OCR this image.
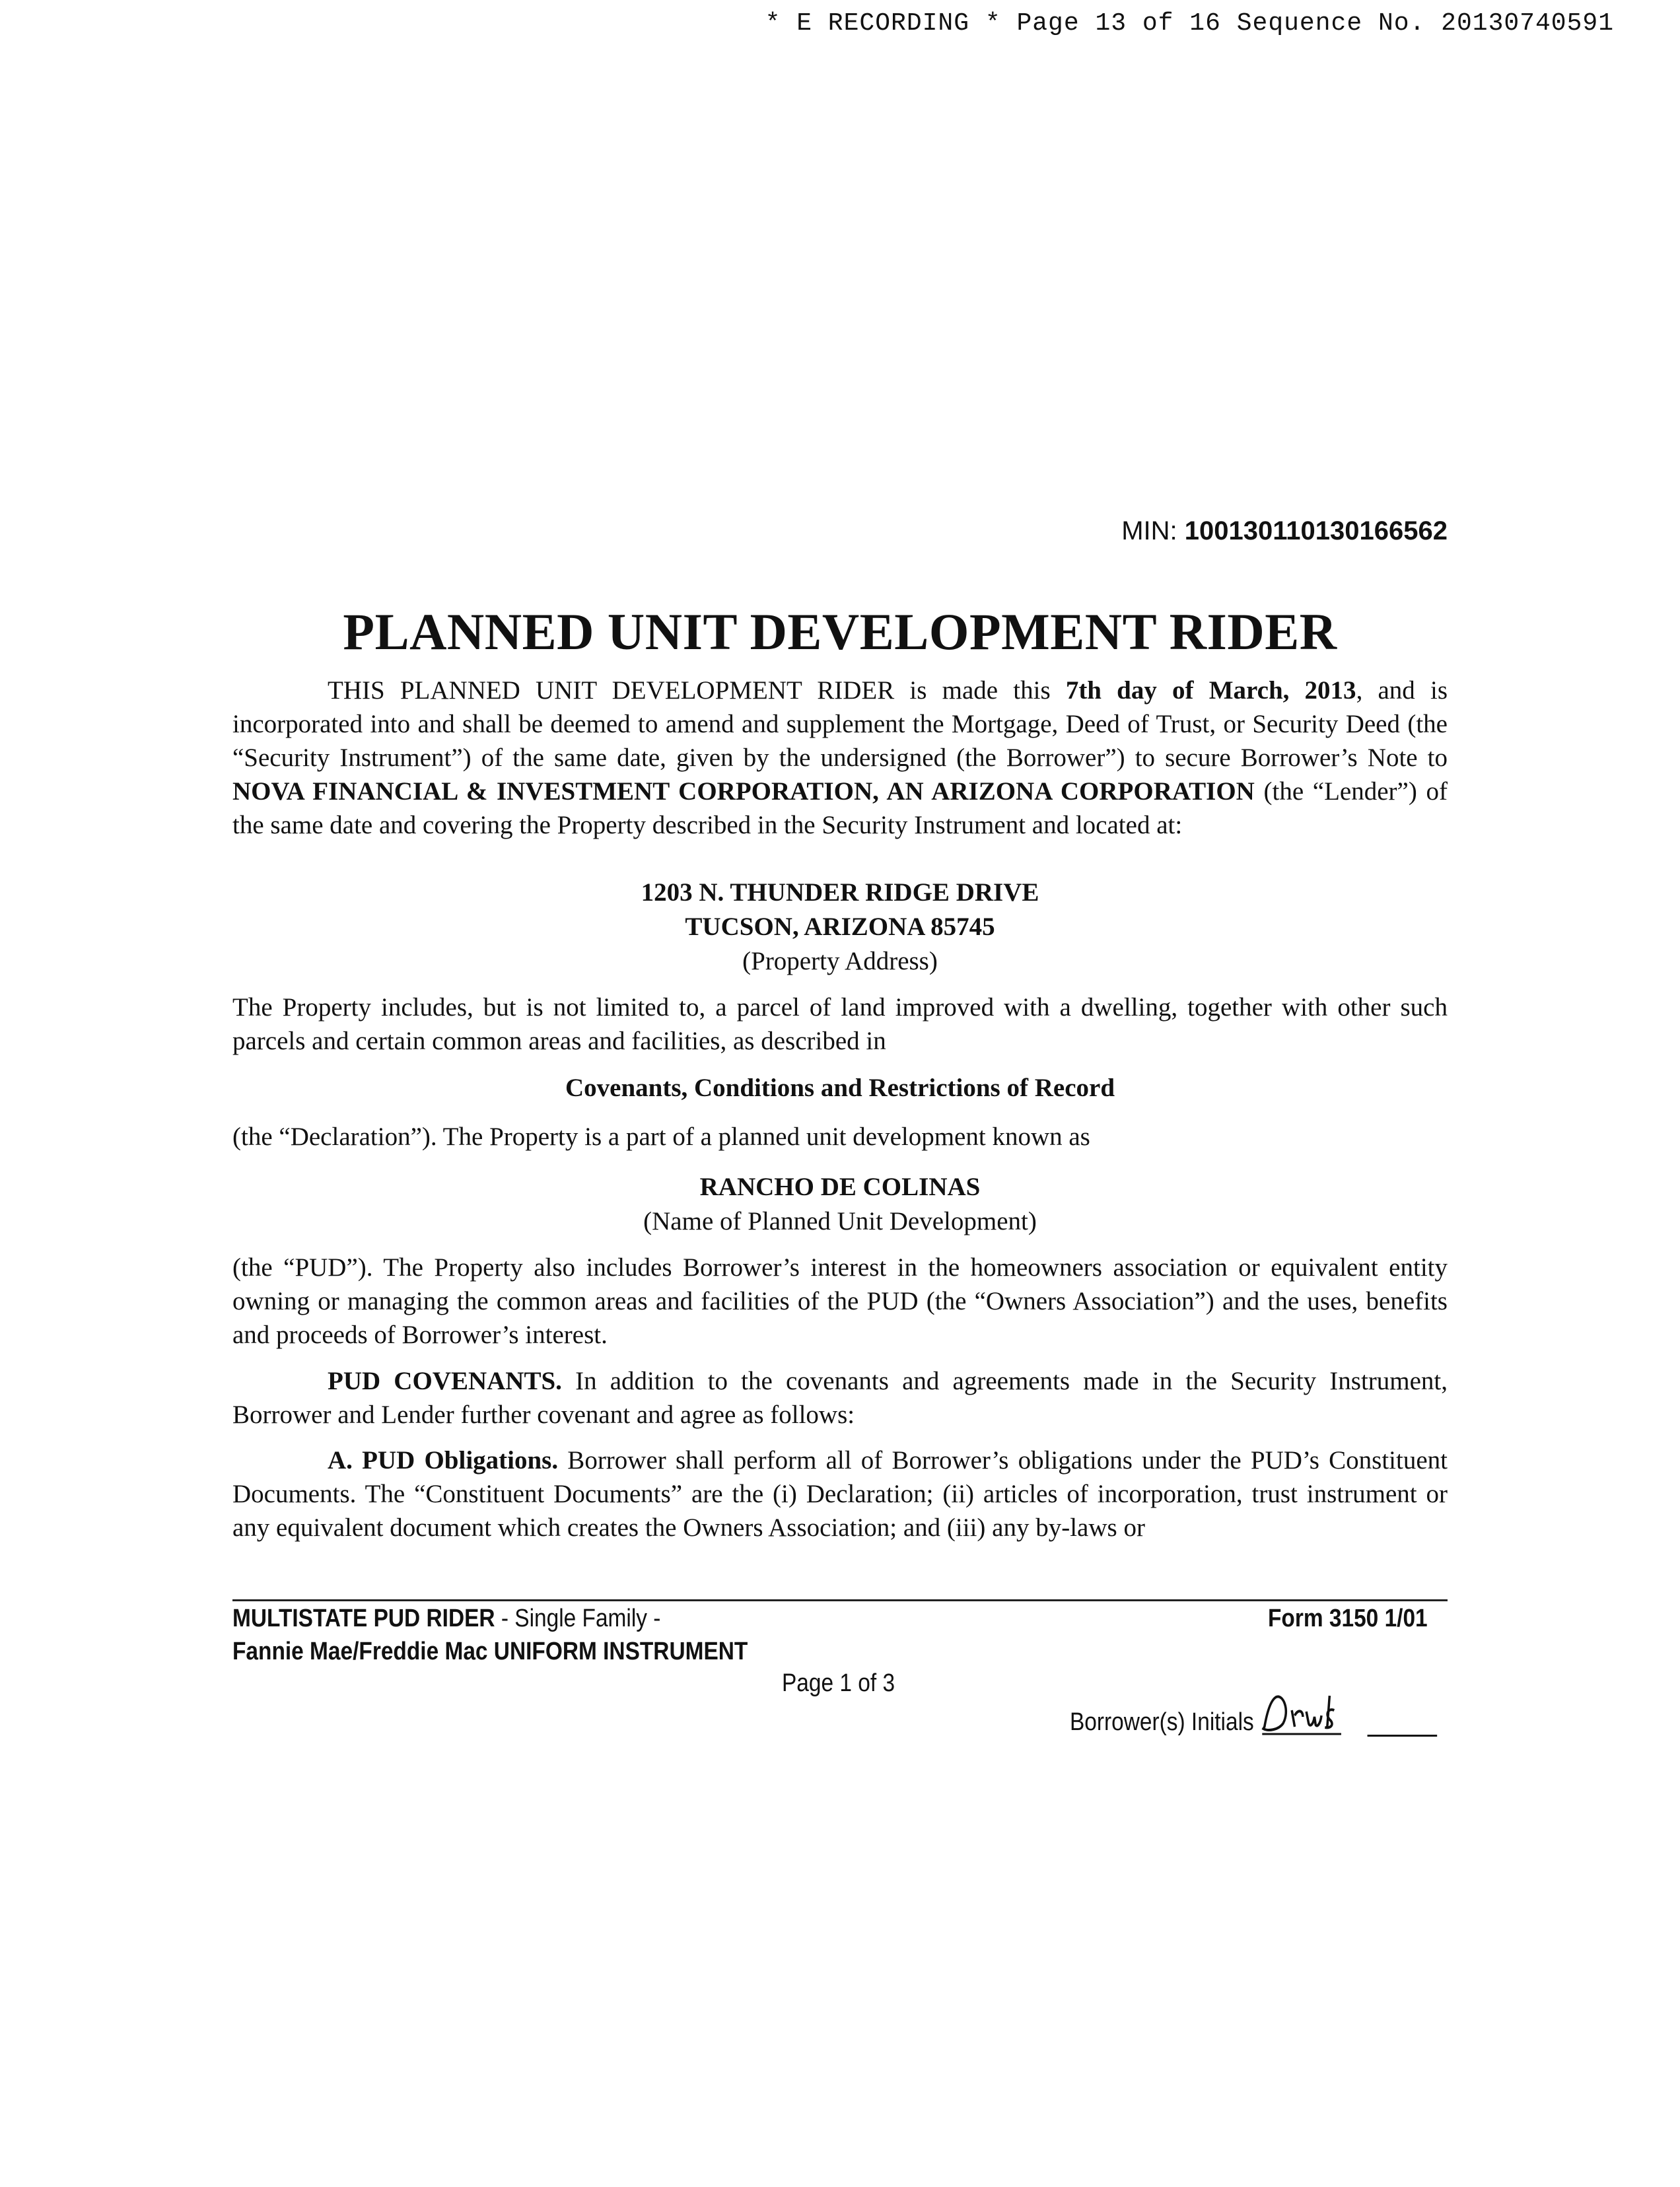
* E RECORDING * Page 13 of 16 Sequence No. 20130740591
MIN: 100130110130166562
PLANNED UNIT DEVELOPMENT RIDER
THIS PLANNED UNIT DEVELOPMENT RIDER is made this 7th day of March, 2013, and is incorporated into and shall be deemed to amend and supplement the Mortgage, Deed of Trust, or Security Deed (the “Security Instrument”) of the same date, given by the undersigned (the Borrower”) to secure Borrower’s Note to NOVA FINANCIAL & INVESTMENT CORPORATION, AN ARIZONA CORPORATION (the “Lender”) of the same date and covering the Property described in the Security Instrument and located at:
1203 N. THUNDER RIDGE DRIVE
TUCSON, ARIZONA 85745
(Property Address)
The Property includes, but is not limited to, a parcel of land improved with a dwelling, together with other such parcels and certain common areas and facilities, as described in
Covenants, Conditions and Restrictions of Record
(the “Declaration”). The Property is a part of a planned unit development known as
RANCHO DE COLINAS
(Name of Planned Unit Development)
(the “PUD”). The Property also includes Borrower’s interest in the homeowners association or equivalent entity owning or managing the common areas and facilities of the PUD (the “Owners Association”) and the uses, benefits and proceeds of Borrower’s interest.
PUD COVENANTS. In addition to the covenants and agreements made in the Security Instrument, Borrower and Lender further covenant and agree as follows:
A. PUD Obligations. Borrower shall perform all of Borrower’s obligations under the PUD’s Constituent Documents. The “Constituent Documents” are the (i) Declaration; (ii) articles of incorporation, trust instrument or any equivalent document which creates the Owners Association; and (iii) any by-laws or
MULTISTATE PUD RIDER - Single Family -	Form 3150 1/01
Fannie Mae/Freddie Mac UNIFORM INSTRUMENT
Page 1 of 3
Borrower(s) Initials
